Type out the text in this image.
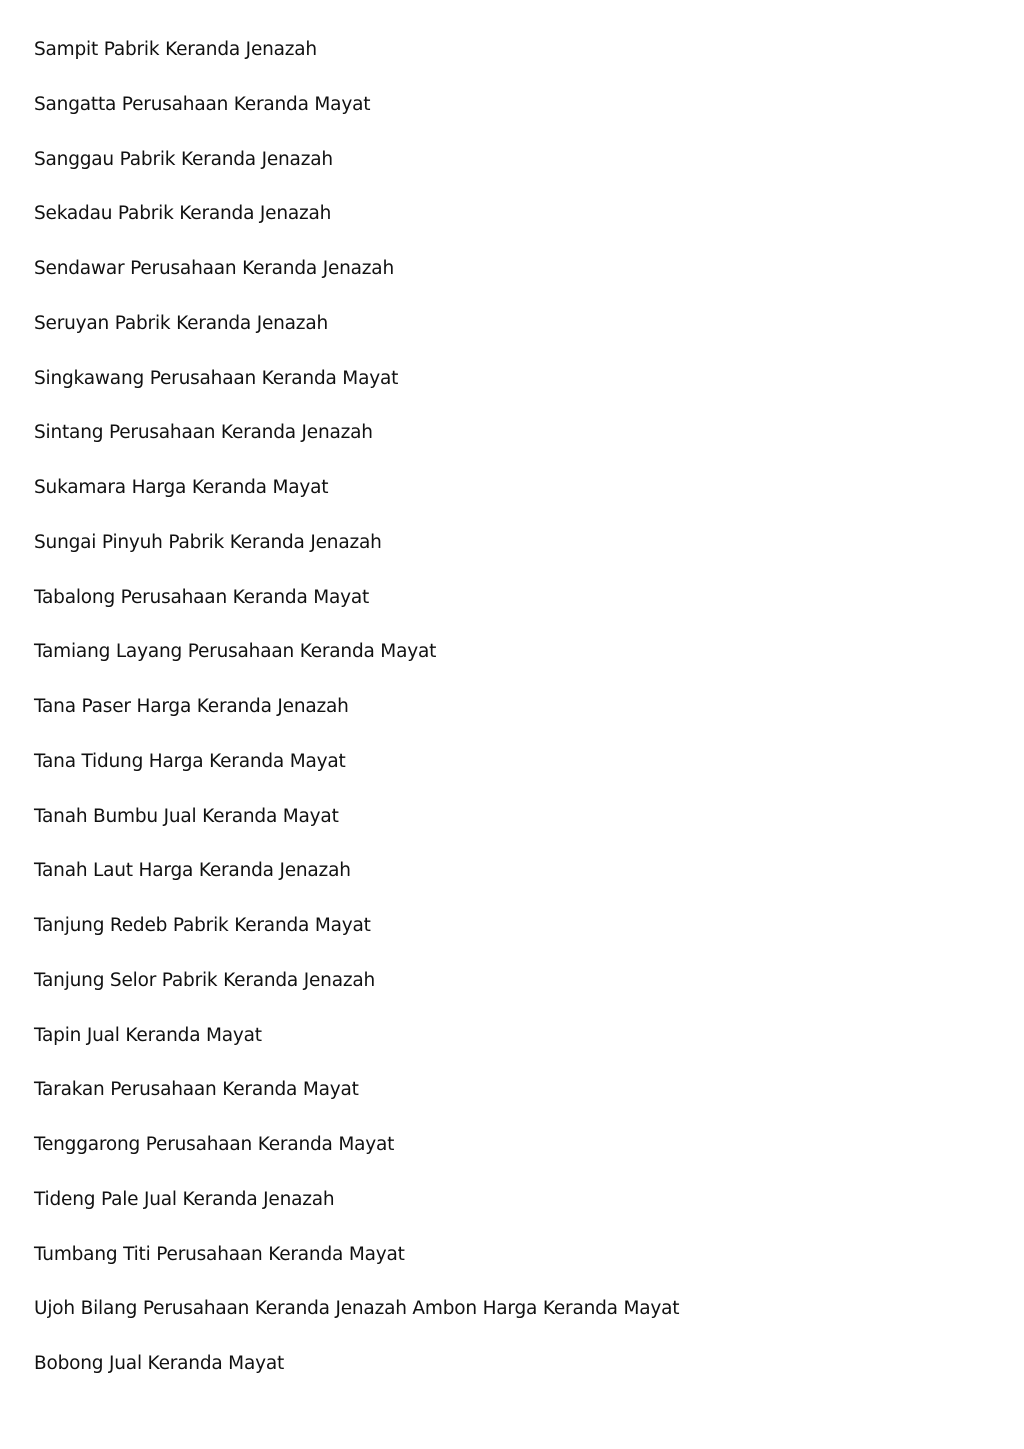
Sampit Pabrik Keranda Jenazah
Sangatta Perusahaan Keranda Mayat
Sanggau Pabrik Keranda Jenazah
Sekadau Pabrik Keranda Jenazah
Sendawar Perusahaan Keranda Jenazah
Seruyan Pabrik Keranda Jenazah
Singkawang Perusahaan Keranda Mayat
Sintang Perusahaan Keranda Jenazah
Sukamara Harga Keranda Mayat
Sungai Pinyuh Pabrik Keranda Jenazah
Tabalong Perusahaan Keranda Mayat
Tamiang Layang Perusahaan Keranda Mayat
Tana Paser Harga Keranda Jenazah
Tana Tidung Harga Keranda Mayat
Tanah Bumbu Jual Keranda Mayat
Tanah Laut Harga Keranda Jenazah
Tanjung Redeb Pabrik Keranda Mayat
Tanjung Selor Pabrik Keranda Jenazah
Tapin Jual Keranda Mayat
Tarakan Perusahaan Keranda Mayat
Tenggarong Perusahaan Keranda Mayat
Tideng Pale Jual Keranda Jenazah
Tumbang Titi Perusahaan Keranda Mayat
Ujoh Bilang Perusahaan Keranda Jenazah Ambon Harga Keranda Mayat
Bobong Jual Keranda Mayat
